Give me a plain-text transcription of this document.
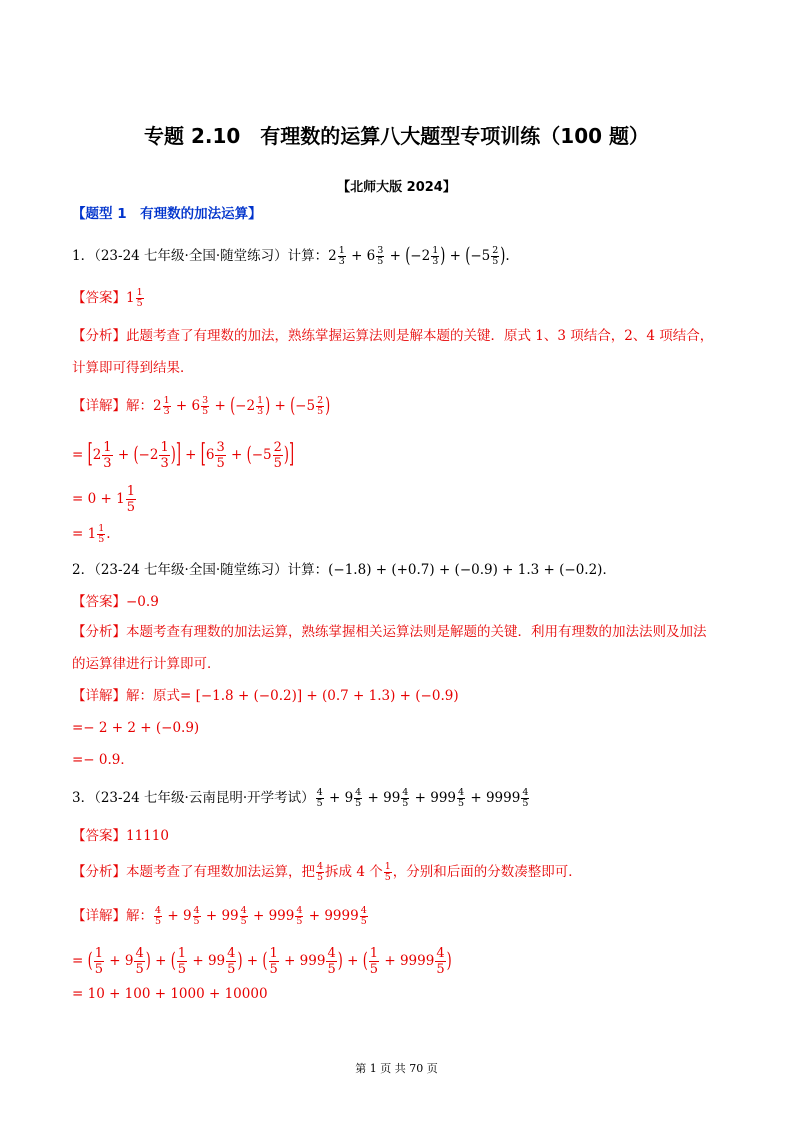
专题 2.10　有理数的运算八大题型专项训练（100 题）
【北师大版 2024】
【题型 1　有理数的加法运算】
1．（23-24 七年级·全国·随堂练习）计算：$2 \frac{1}{3} + 6 \frac{3}{5} + (-2 \frac{1}{3}$ ) + ($-5 \frac{2}{5}$ ).
【答案】$1 \frac{1}{5}$
【分析】此题考查了有理数的加法，熟练掌握运算法则是解本题的关键．原式 1、3 项结合，2、4 项结合，
计算即可得到结果．
【详解】解：$2 \frac{1}{3} + 6 \frac{3}{5} + (-2 \frac{1}{3}$ ) + ($-5 \frac{2}{5}$ )
= [$2 \frac{1}{3} + (-2 \frac{1}{3}$ )] + [$6 \frac{3}{5} + (-5 \frac{2}{5}$ )]
= $0 + 1 \frac{1}{5}$
= $1 \frac{1}{5}$ .
2．（23-24 七年级·全国·随堂练习）计算：(−1.8) + (+0.7) + (−0.9) + 1.3 + (−0.2)．
【答案】−0.9
【分析】本题考查有理数的加法运算，熟练掌握相关运算法则是解题的关键．利用有理数的加法法则及加法
的运算律进行计算即可．
【详解】解：原式= [−1.8 + (−0.2)] + (0.7 + 1.3) + (−0.9)
=− 2 + 2 + (−0.9)
=− 0.9．
3．（23-24 七年级·云南昆明·开学考试） $\frac{4}{5} + 9 \frac{4}{5} + 99 \frac{4}{5} + 999 \frac{4}{5} + 9999 \frac{4}{5}$
【答案】11110
【分析】本题考查了有理数加法运算，把 $\frac{4}{5}$ 拆成 4 个 $\frac{1}{5}$ ，分别和后面的分数凑整即可．
【详解】解： $\frac{4}{5} + 9 \frac{4}{5} + 99 \frac{4}{5} + 999 \frac{4}{5} + 9999 \frac{4}{5}$
= ( $\frac{1}{5} + 9 \frac{4}{5}$ ) + ( $\frac{1}{5} + 99 \frac{4}{5}$ ) + ( $\frac{1}{5} + 999 \frac{4}{5}$ ) + ( $\frac{1}{5} + 9999 \frac{4}{5}$ )
= 10 + 100 + 1000 + 10000
第 1 页 共 70 页
